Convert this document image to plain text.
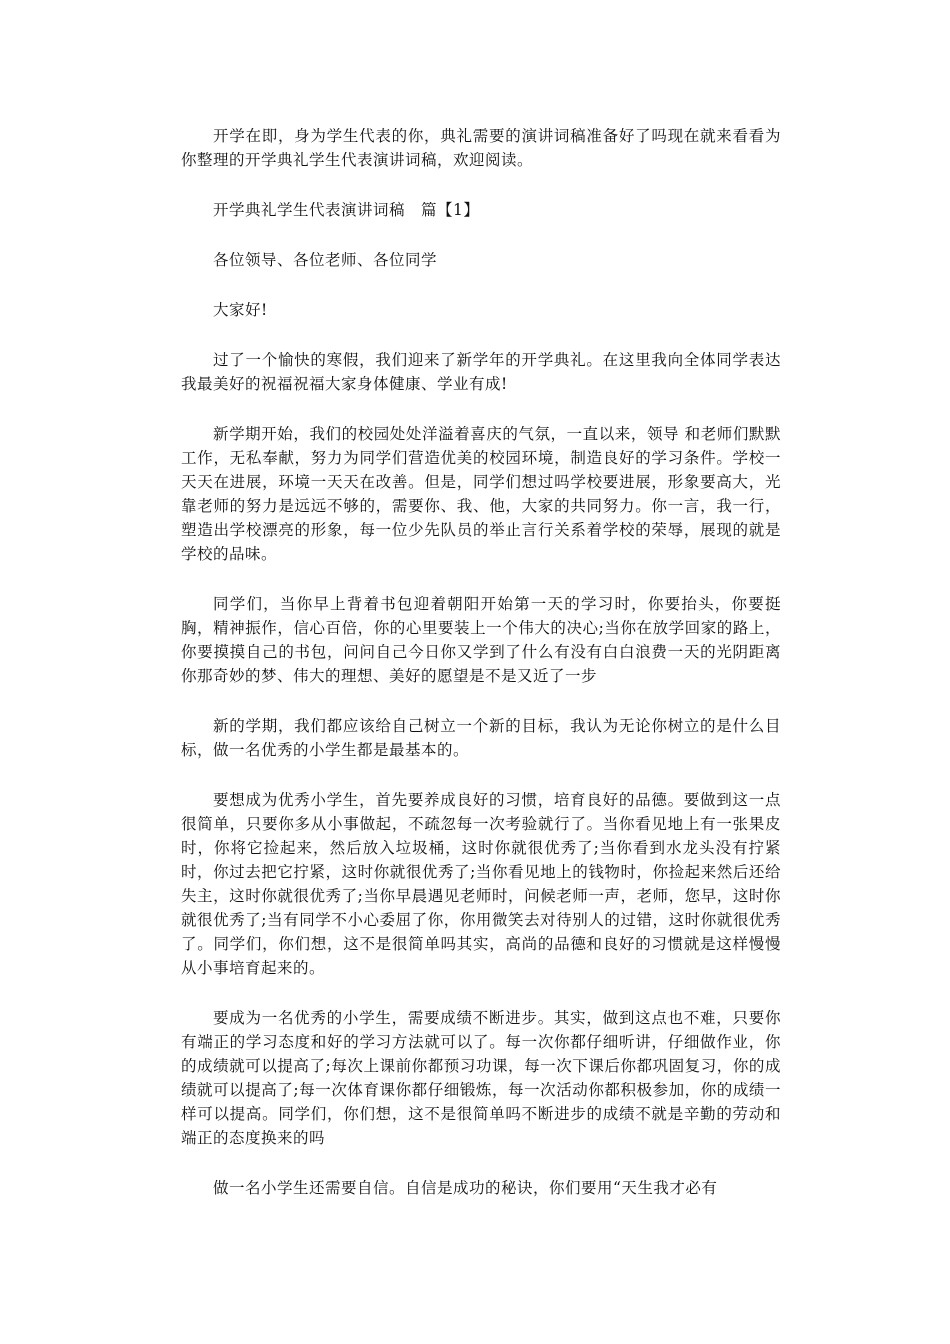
开学在即，身为学生代表的你，典礼需要的演讲词稿准备好了吗现在就来看看为你整理的开学典礼学生代表演讲词稿，欢迎阅读。

开学典礼学生代表演讲词稿　篇【1】

各位领导、各位老师、各位同学

大家好!

过了一个愉快的寒假，我们迎来了新学年的开学典礼。在这里我向全体同学表达我最美好的祝福祝福大家身体健康、学业有成!

新学期开始，我们的校园处处洋溢着喜庆的气氛，一直以来，领导 和老师们默默工作，无私奉献，努力为同学们营造优美的校园环境，制造良好的学习条件。学校一天天在进展，环境一天天在改善。但是，同学们想过吗学校要进展，形象要高大，光靠老师的努力是远远不够的，需要你、我、他，大家的共同努力。你一言，我一行，塑造出学校漂亮的形象，每一位少先队员的举止言行关系着学校的荣辱，展现的就是学校的品味。

同学们，当你早上背着书包迎着朝阳开始第一天的学习时，你要抬头，你要挺胸，精神振作，信心百倍，你的心里要装上一个伟大的决心;当你在放学回家的路上，你要摸摸自己的书包，问问自己今日你又学到了什么有没有白白浪费一天的光阴距离你那奇妙的梦、伟大的理想、美好的愿望是不是又近了一步

新的学期，我们都应该给自己树立一个新的目标，我认为无论你树立的是什么目标，做一名优秀的小学生都是最基本的。

要想成为优秀小学生，首先要养成良好的习惯，培育良好的品德。要做到这一点很简单，只要你多从小事做起，不疏忽每一次考验就行了。当你看见地上有一张果皮时，你将它捡起来，然后放入垃圾桶，这时你就很优秀了;当你看到水龙头没有拧紧时，你过去把它拧紧，这时你就很优秀了;当你看见地上的钱物时，你捡起来然后还给失主，这时你就很优秀了;当你早晨遇见老师时，问候老师一声，老师，您早，这时你就很优秀了;当有同学不小心委屈了你，你用微笑去对待别人的过错，这时你就很优秀了。同学们，你们想，这不是很简单吗其实，高尚的品德和良好的习惯就是这样慢慢从小事培育起来的。

要成为一名优秀的小学生，需要成绩不断进步。其实，做到这点也不难，只要你有端正的学习态度和好的学习方法就可以了。每一次你都仔细听讲，仔细做作业，你的成绩就可以提高了;每次上课前你都预习功课，每一次下课后你都巩固复习，你的成绩就可以提高了;每一次体育课你都仔细锻炼，每一次活动你都积极参加，你的成绩一样可以提高。同学们，你们想，这不是很简单吗不断进步的成绩不就是辛勤的劳动和端正的态度换来的吗

做一名小学生还需要自信。自信是成功的秘诀，你们要用“天生我才必有
